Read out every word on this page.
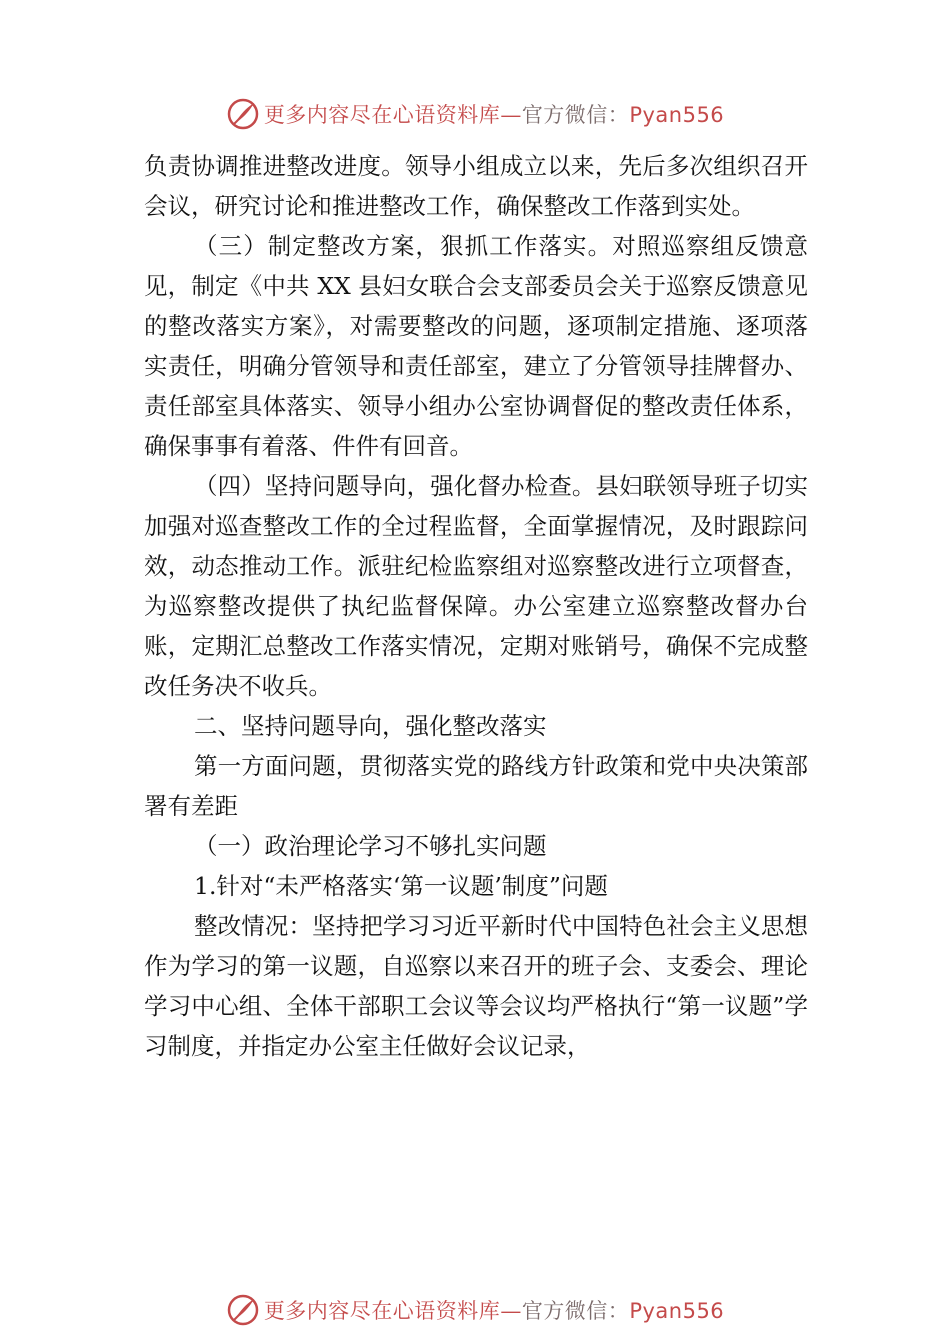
更多内容尽在心语资料库—官方微信：Pyan556

负责协调推进整改进度。领导小组成立以来，先后多次组织召开会议，研究讨论和推进整改工作，确保整改工作落到实处。

（三）制定整改方案，狠抓工作落实。对照巡察组反馈意见，制定《中共 XX 县妇女联合会支部委员会关于巡察反馈意见的整改落实方案》，对需要整改的问题，逐项制定措施、逐项落实责任，明确分管领导和责任部室，建立了分管领导挂牌督办、责任部室具体落实、领导小组办公室协调督促的整改责任体系，确保事事有着落、件件有回音。

（四）坚持问题导向，强化督办检查。县妇联领导班子切实加强对巡查整改工作的全过程监督，全面掌握情况，及时跟踪问效，动态推动工作。派驻纪检监察组对巡察整改进行立项督查，为巡察整改提供了执纪监督保障。办公室建立巡察整改督办台账，定期汇总整改工作落实情况，定期对账销号，确保不完成整改任务决不收兵。

二、坚持问题导向，强化整改落实

第一方面问题，贯彻落实党的路线方针政策和党中央决策部署有差距

（一）政治理论学习不够扎实问题

1.针对“未严格落实‘第一议题’制度”问题

整改情况：坚持把学习习近平新时代中国特色社会主义思想作为学习的第一议题，自巡察以来召开的班子会、支委会、理论学习中心组、全体干部职工会议等会议均严格执行“第一议题”学习制度，并指定办公室主任做好会议记录，

更多内容尽在心语资料库—官方微信：Pyan556
